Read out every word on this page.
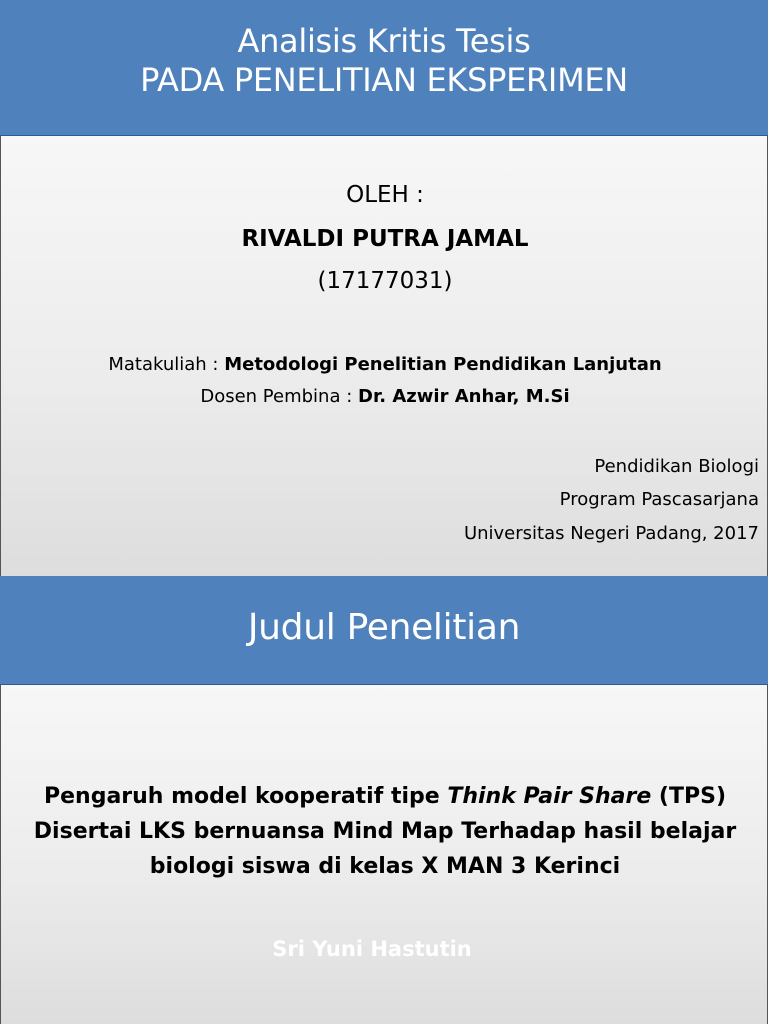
Analisis Kritis Tesis
PADA PENELITIAN EKSPERIMEN
OLEH :
RIVALDI PUTRA JAMAL
(17177031)
Matakuliah : Metodologi Penelitian Pendidikan Lanjutan
Dosen Pembina : Dr. Azwir Anhar, M.Si
Pendidikan Biologi
Program Pascasarjana
Universitas Negeri Padang, 2017
Judul Penelitian
Pengaruh model kooperatif tipe Think Pair Share (TPS)
Disertai LKS bernuansa Mind Map Terhadap hasil belajar
biologi siswa di kelas X MAN 3 Kerinci
Sri Yuni Hastutin
